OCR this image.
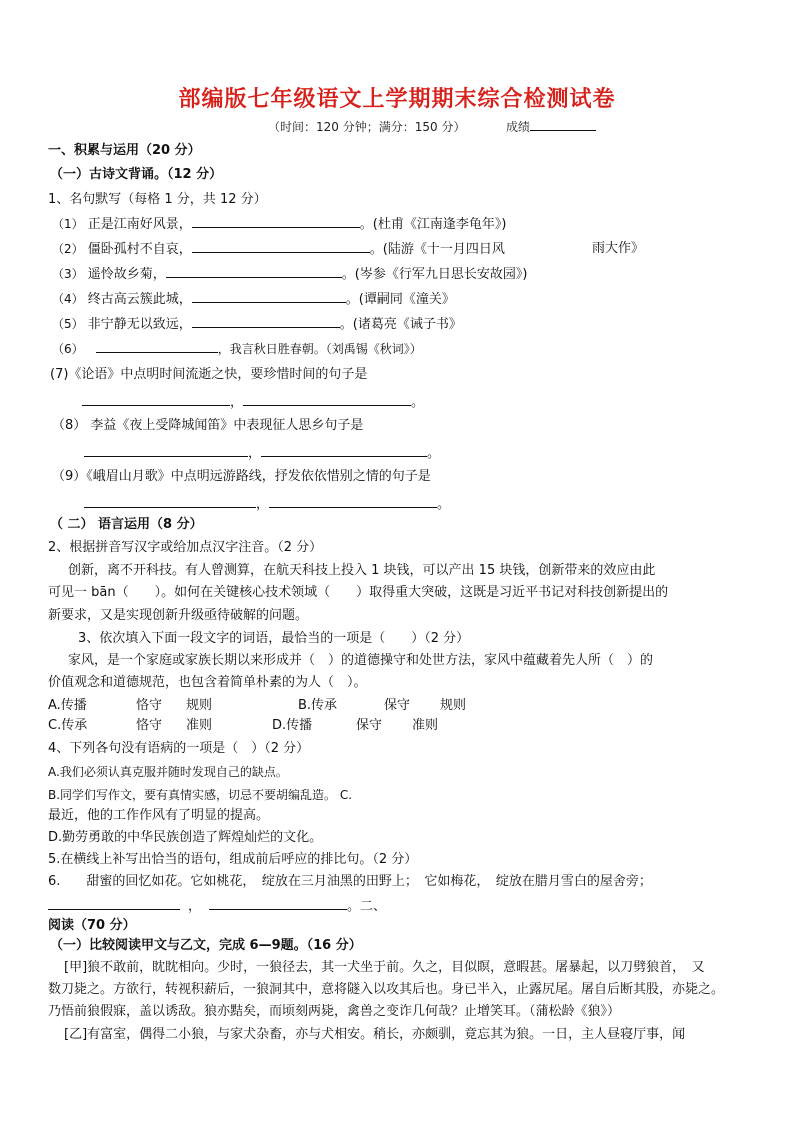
部编版七年级语文上学期期末综合检测试卷
（时间：120 分钟；满分：150 分）	成绩
一、积累与运用（20 分）
（一）古诗文背诵。（12 分）
1、名句默写（每格 1 分，共 12 分）
（1） 正是江南好风景，	。(杜甫《江南逢李龟年》)
（2） 僵卧孤村不自哀，	。(陆游《十一月四日风	雨大作》
（3） 遥怜故乡菊，	。(岑参《行军九日思长安故园》)
（4） 终古高云簇此城，	。(谭嗣同《潼关》
（5） 非宁静无以致远，	。(诸葛亮《诫子书》
（6）	，我言秋日胜春朝。（刘禹锡《秋词》）
(7)《论语》中点明时间流逝之快，要珍惜时间的句子是
，	。
（8） 李益《夜上受降城闻笛》中表现征人思乡句子是
，	。
（9）《峨眉山月歌》中点明远游路线，抒发依依惜别之情的句子是
，	。
（ 二） 语言运用（8 分）
2、根据拼音写汉字或给加点汉字注音。（2 分）
创新，离不开科技。有人曾测算，在航天科技上投入 1 块钱，可以产出 15 块钱，创新带来的效应由此
可见一 bān（　　）。如何在关键核心技术领域（　　）取得重大突破，这既是习近平书记对科技创新提出的
新要求，又是实现创新升级亟待破解的问题。
3、依次填入下面一段文字的词语，最恰当的一项是（　　）（2 分）
家风，是一个家庭或家族长期以来形成并（　）的道德操守和处世方法，家风中蕴藏着先人所（　）的
价值观念和道德规范，也包含着简单朴素的为人（　）。
A.传播	恪守 规则	B.传承	保守 规则
C.传承	恪守 准则	D.传播	保守 准则
4、下列各句没有语病的一项是（　）（2 分）
A.我们必须认真克服并随时发现自己的缺点。
B.同学们写作文，要有真情实感，切忌不要胡编乱造。 C.
最近，他的工作作风有了明显的提高。
D.勤劳勇敢的中华民族创造了辉煌灿烂的文化。
5.在横线上补写出恰当的语句，组成前后呼应的排比句。（2 分）
6.　　甜蜜的回忆如花。它如桃花，　绽放在三月油黑的田野上；　它如梅花，　绽放在腊月雪白的屋舍旁；
，	。二、
阅读（70 分）
（一）比较阅读甲文与乙文，完成 6—9题。（16 分）
[甲]狼不敢前，眈眈相向。少时，一狼径去，其一犬坐于前。久之，目似瞑，意暇甚。屠暴起，以刀劈狼首，　又
数刀毙之。方欲行，转视积薪后，一狼洞其中，意将隧入以攻其后也。身已半入，止露尻尾。屠自后断其股，亦毙之。
乃悟前狼假寐，盖以诱敌。狼亦黠矣，而顷刻两毙，禽兽之变诈几何哉？止增笑耳。（蒲松龄《狼》）
[乙]有富室，偶得二小狼，与家犬杂畜，亦与犬相安。稍长，亦颇驯，竟忘其为狼。一日，主人昼寝厅事，闻
